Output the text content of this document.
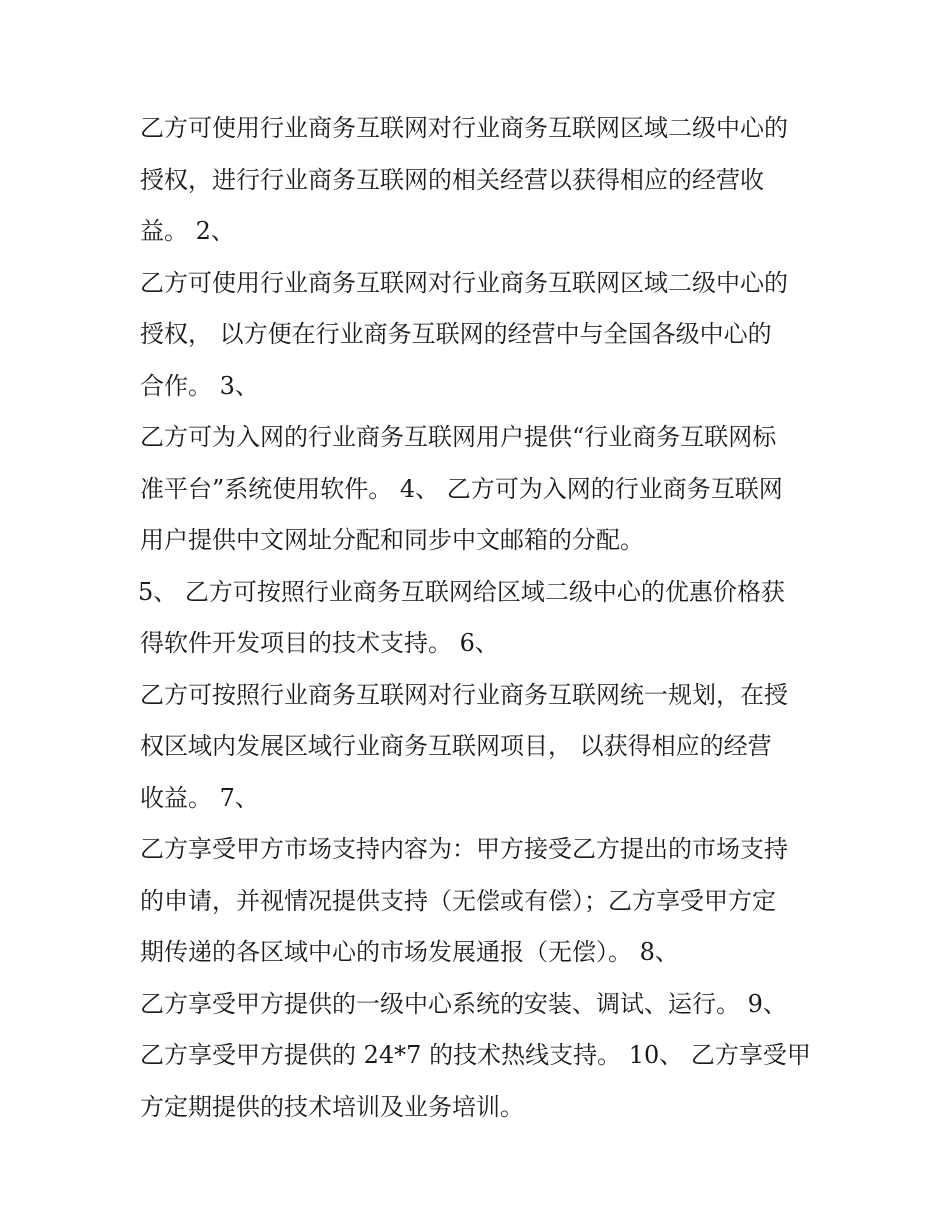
乙方可使用行业商务互联网对行业商务互联网区域二级中心的
授权，进行行业商务互联网的相关经营以获得相应的经营收
益。 2、
乙方可使用行业商务互联网对行业商务互联网区域二级中心的
授权， 以方便在行业商务互联网的经营中与全国各级中心的
合作。 3、
乙方可为入网的行业商务互联网用户提供“行业商务互联网标
准平台”系统使用软件。 4、 乙方可为入网的行业商务互联网
用户提供中文网址分配和同步中文邮箱的分配。
5、 乙方可按照行业商务互联网给区域二级中心的优惠价格获
得软件开发项目的技术支持。 6、
乙方可按照行业商务互联网对行业商务互联网统一规划，在授
权区域内发展区域行业商务互联网项目， 以获得相应的经营
收益。 7、
乙方享受甲方市场支持内容为：甲方接受乙方提出的市场支持
的申请，并视情况提供支持（无偿或有偿）；乙方享受甲方定
期传递的各区域中心的市场发展通报（无偿）。 8、
乙方享受甲方提供的一级中心系统的安装、调试、运行。 9、
乙方享受甲方提供的 24*7 的技术热线支持。 10、 乙方享受甲
方定期提供的技术培训及业务培训。
